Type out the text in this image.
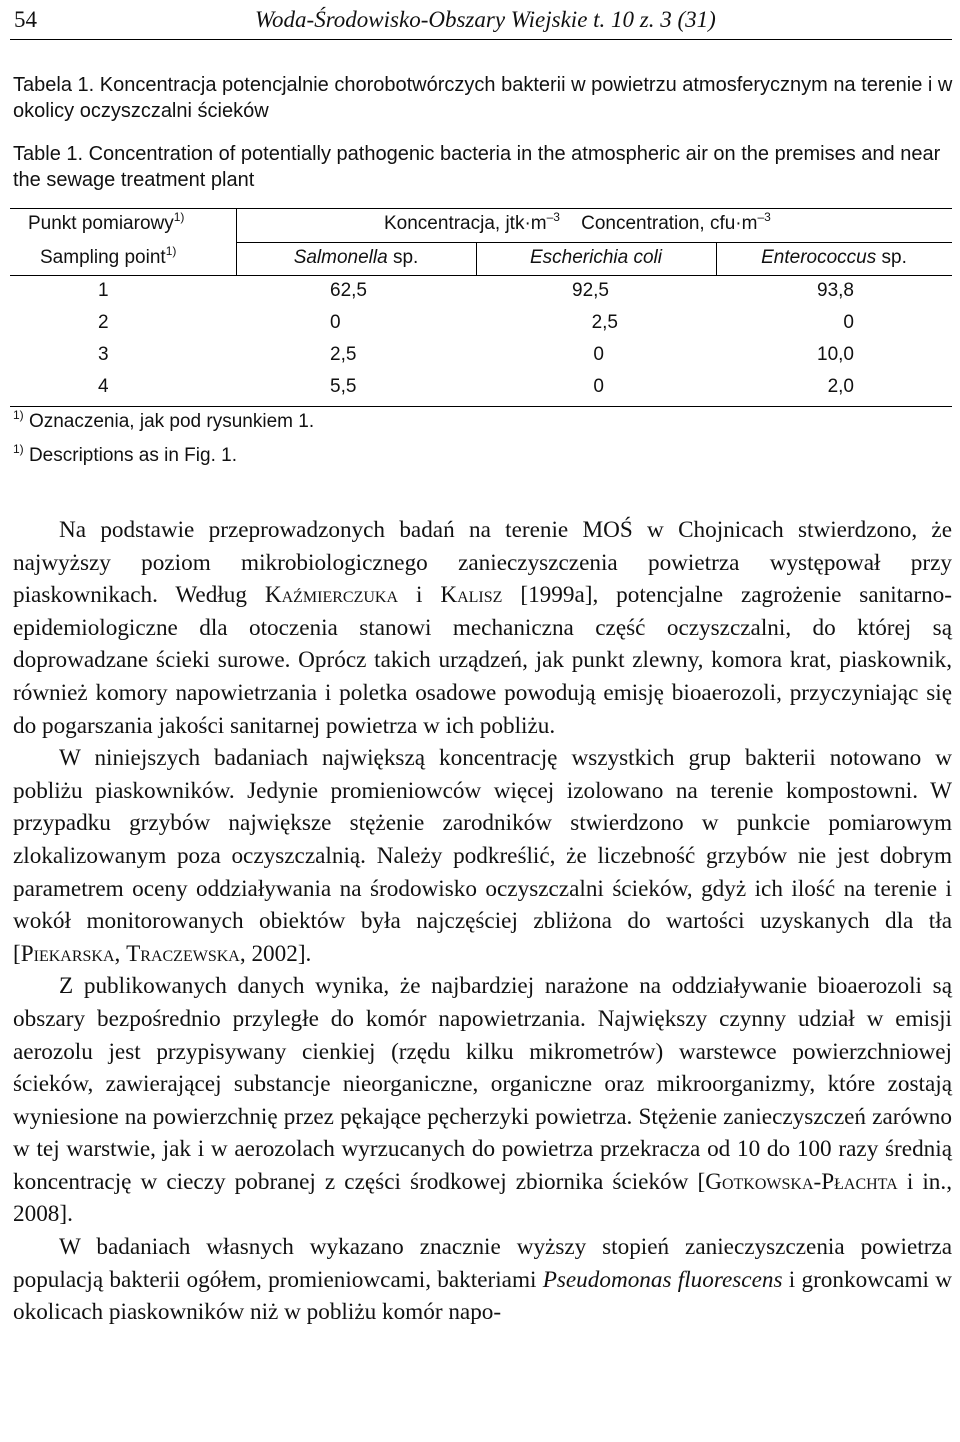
54	Woda-Środowisko-Obszary Wiejskie t. 10 z. 3 (31)
Tabela 1. Koncentracja potencjalnie chorobotwórczych bakterii w powietrzu atmosferycznym na terenie i w okolicy oczyszczalni ścieków
Table 1. Concentration of potentially pathogenic bacteria in the atmospheric air on the premises and near the sewage treatment plant
Punkt pomiarowy$^{1)}$
Sampling point$^{1)}$
Koncentracja, $jtk\cdot m^{-3}$ Concentration, $cfu\cdot m^{-3}$
Salmonella sp.	Escherichia coli	Enterococcus sp.
1	62,5	92,5	93,8
2	0	2,5	0
3	2,5	0	10,0
4	5,5	0	2,0
$^{1)}$ Oznaczenia, jak pod rysunkiem 1.
$^{1)}$ Descriptions as in Fig. 1.

Na podstawie przeprowadzonych badań na terenie MOŚ w Chojnicach stwierdzono, że najwyższy poziom mikrobiologicznego zanieczyszczenia powietrza występował przy piaskownikach. Według Kaźmierczuka i Kalisz [1999a], potencjalne zagrożenie sanitarno-epidemiologiczne dla otoczenia stanowi mechaniczna część oczyszczalni, do której są doprowadzane ścieki surowe. Oprócz takich urządzeń, jak punkt zlewny, komora krat, piaskownik, również komory napowietrzania i poletka osadowe powodują emisję bioaerozoli, przyczyniając się do pogarszania jakości sanitarnej powietrza w ich pobliżu.

W niniejszych badaniach największą koncentrację wszystkich grup bakterii notowano w pobliżu piaskowników. Jedynie promieniowców więcej izolowano na terenie kompostowni. W przypadku grzybów największe stężenie zarodników stwierdzono w punkcie pomiarowym zlokalizowanym poza oczyszczalnią. Należy podkreślić, że liczebność grzybów nie jest dobrym parametrem oceny oddziaływania na środowisko oczyszczalni ścieków, gdyż ich ilość na terenie i wokół monitorowanych obiektów była najczęściej zbliżona do wartości uzyskanych dla tła [Piekarska, Traczewska, 2002].

Z publikowanych danych wynika, że najbardziej narażone na oddziaływanie bioaerozoli są obszary bezpośrednio przyległe do komór napowietrzania. Największy czynny udział w emisji aerozolu jest przypisywany cienkiej (rzędu kilku mikrometrów) warstewce powierzchniowej ścieków, zawierającej substancje nieorganiczne, organiczne oraz mikroorganizmy, które zostają wyniesione na powierzchnię przez pękające pęcherzyki powietrza. Stężenie zanieczyszczeń zarówno w tej warstwie, jak i w aerozolach wyrzucanych do powietrza przekracza od 10 do 100 razy średnią koncentrację w cieczy pobranej z części środkowej zbiornika ścieków [Gotkowska-Płachta i in., 2008].

W badaniach własnych wykazano znacznie wyższy stopień zanieczyszczenia powietrza populacją bakterii ogółem, promieniowcami, bakteriami Pseudomonas fluorescens i gronkowcami w okolicach piaskowników niż w pobliżu komór napo-
